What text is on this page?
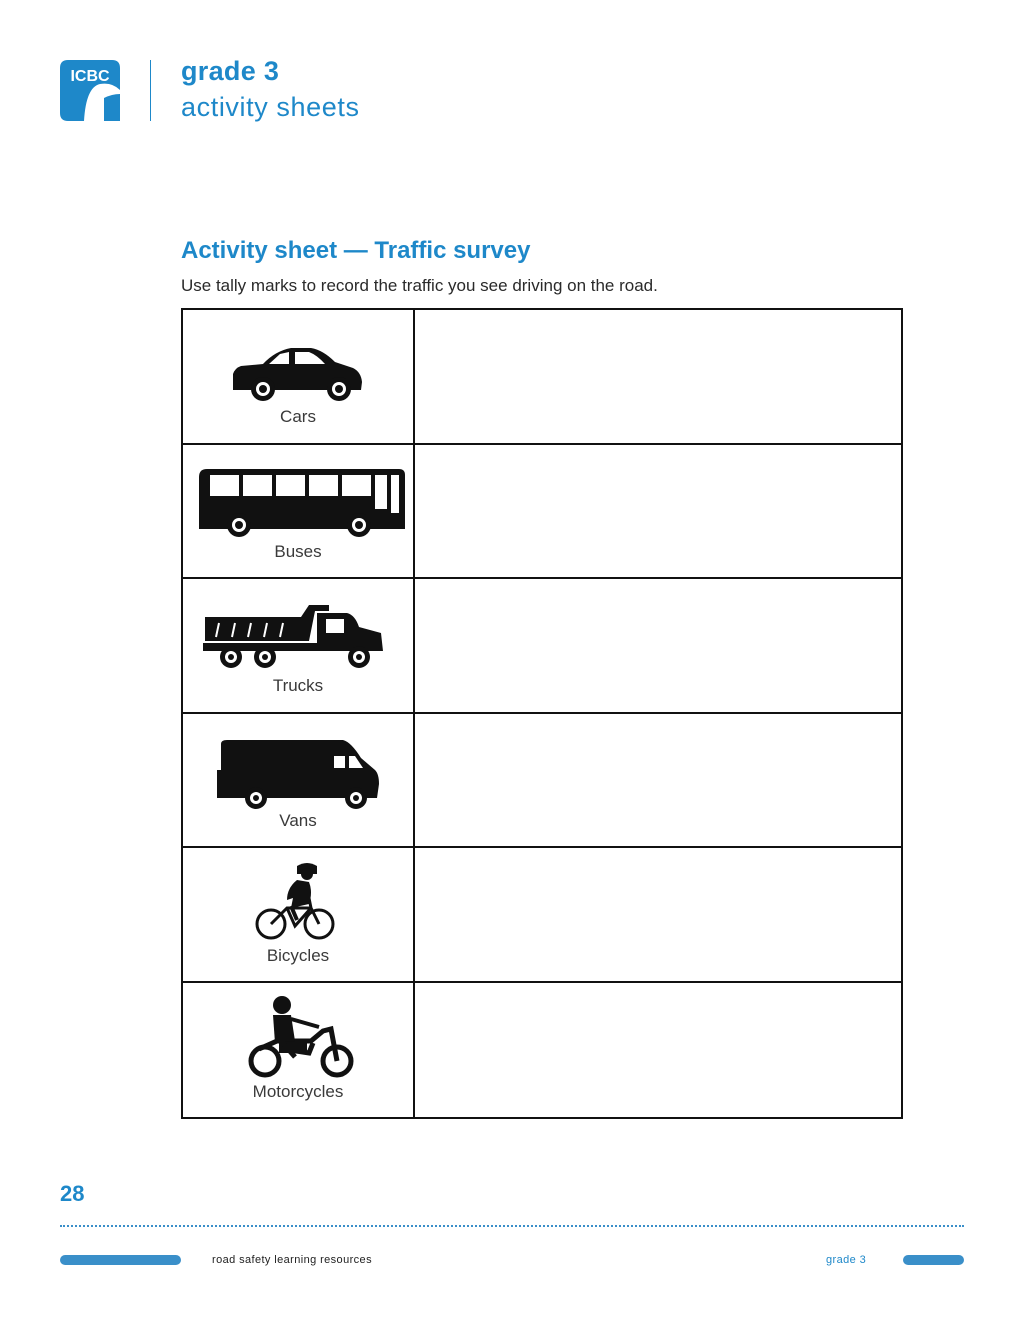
ICBC	grade 3
activity sheets
Activity sheet — Traffic survey
Use tally marks to record the traffic you see driving on the road.
Cars
Buses
Trucks
Vans
Bicycles
Motorcycles
28
road safety learning resources	grade 3
